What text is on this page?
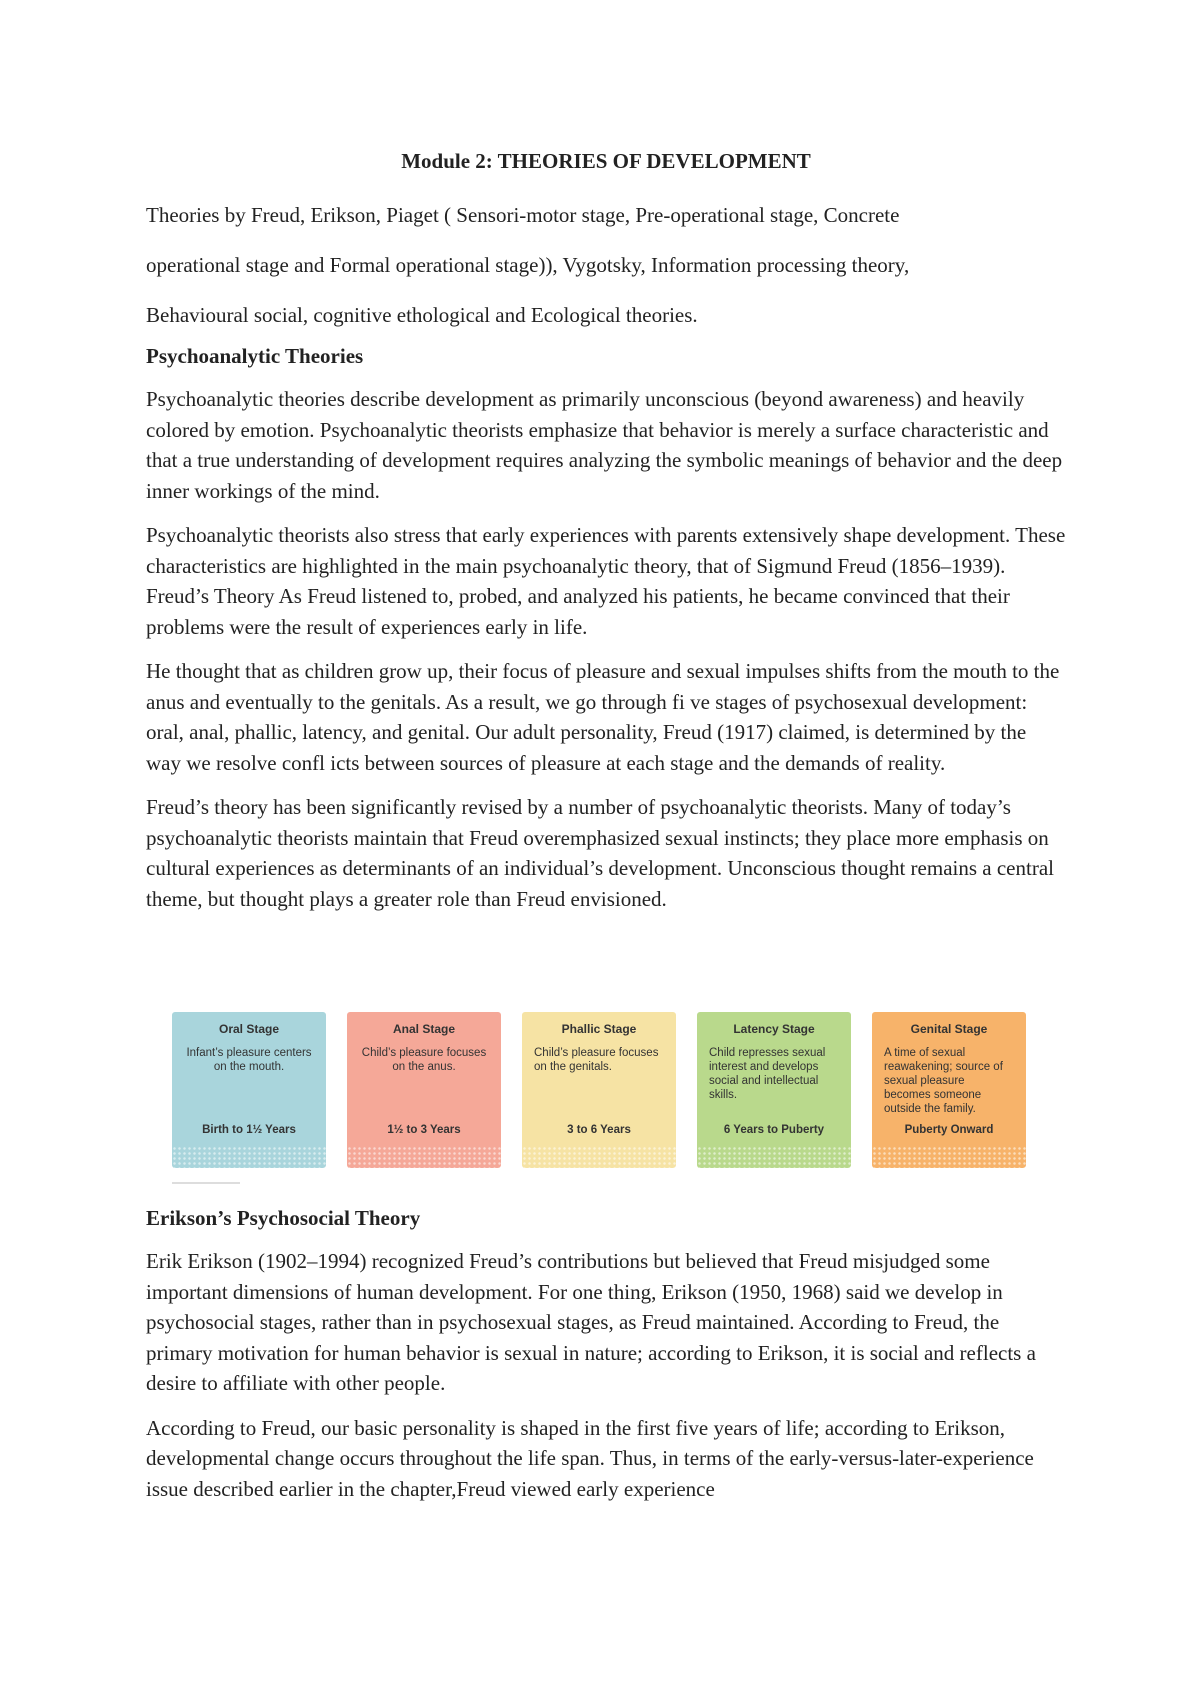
Module 2: THEORIES OF DEVELOPMENT
Theories by Freud, Erikson, Piaget ( Sensori-motor stage, Pre-operational stage, Concrete
operational stage and Formal operational stage)), Vygotsky, Information processing theory,
Behavioural social, cognitive ethological and Ecological theories.
Psychoanalytic Theories

Psychoanalytic theories describe development as primarily unconscious (beyond awareness) and heavily colored by emotion. Psychoanalytic theorists emphasize that behavior is merely a surface characteristic and that a true understanding of development requires analyzing the symbolic meanings of behavior and the deep inner workings of the mind.

Psychoanalytic theorists also stress that early experiences with parents extensively shape development. These characteristics are highlighted in the main psychoanalytic theory, that of Sigmund Freud (1856–1939). Freud’s Theory As Freud listened to, probed, and analyzed his patients, he became convinced that their problems were the result of experiences early in life.

He thought that as children grow up, their focus of pleasure and sexual impulses shifts from the mouth to the anus and eventually to the genitals. As a result, we go through fi ve stages of psychosexual development: oral, anal, phallic, latency, and genital. Our adult personality, Freud (1917) claimed, is determined by the way we resolve confl icts between sources of pleasure at each stage and the demands of reality.

Freud’s theory has been significantly revised by a number of psychoanalytic theorists. Many of today’s psychoanalytic theorists maintain that Freud overemphasized sexual instincts; they place more emphasis on cultural experiences as determinants of an individual’s development. Unconscious thought remains a central theme, but thought plays a greater role than Freud envisioned.

Oral Stage
Infant’s pleasure centers on the mouth.
Birth to 1½ Years
Anal Stage
Child’s pleasure focuses on the anus.
1½ to 3 Years
Phallic Stage
Child’s pleasure focuses on the genitals.
3 to 6 Years
Latency Stage
Child represses sexual interest and develops social and intellectual skills.
6 Years to Puberty
Genital Stage
A time of sexual reawakening; source of sexual pleasure becomes someone outside the family.
Puberty Onward
Erikson’s Psychosocial Theory

Erik Erikson (1902–1994) recognized Freud’s contributions but believed that Freud misjudged some important dimensions of human development. For one thing, Erikson (1950, 1968) said we develop in psychosocial stages, rather than in psychosexual stages, as Freud maintained. According to Freud, the primary motivation for human behavior is sexual in nature; according to Erikson, it is social and reflects a desire to affiliate with other people.

According to Freud, our basic personality is shaped in the first five years of life; according to Erikson, developmental change occurs throughout the life span. Thus, in terms of the early-versus-later-experience issue described earlier in the chapter,Freud viewed early experience
